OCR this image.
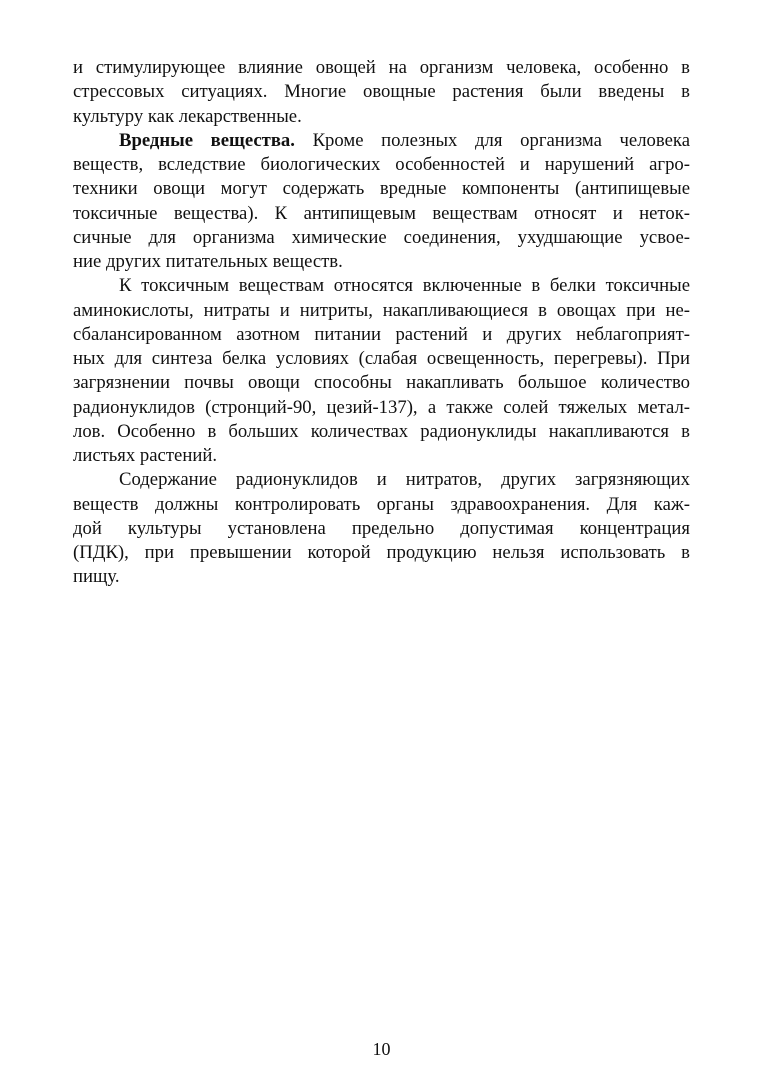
и стимулирующее влияние овощей на организм человека, особенно в
стрессовых ситуациях. Многие овощные растения были введены в
культуру как лекарственные.
Вредные вещества. Кроме полезных для организма человека
веществ, вследствие биологических особенностей и нарушений агро-
техники овощи могут содержать вредные компоненты (антипищевые
токсичные вещества). К антипищевым веществам относят и неток-
сичные для организма химические соединения, ухудшающие усвое-
ние других питательных веществ.
К токсичным веществам относятся включенные в белки токсичные
аминокислоты, нитраты и нитриты, накапливающиеся в овощах при не-
сбалансированном азотном питании растений и других неблагоприят-
ных для синтеза белка условиях (слабая освещенность, перегревы). При
загрязнении почвы овощи способны накапливать большое количество
радионуклидов (стронций-90, цезий-137), а также солей тяжелых метал-
лов. Особенно в больших количествах радионуклиды накапливаются в
листьях растений.
Содержание радионуклидов и нитратов, других загрязняющих
веществ должны контролировать органы здравоохранения. Для каж-
дой культуры установлена предельно допустимая концентрация
(ПДК), при превышении которой продукцию нельзя использовать в
пищу.
10
